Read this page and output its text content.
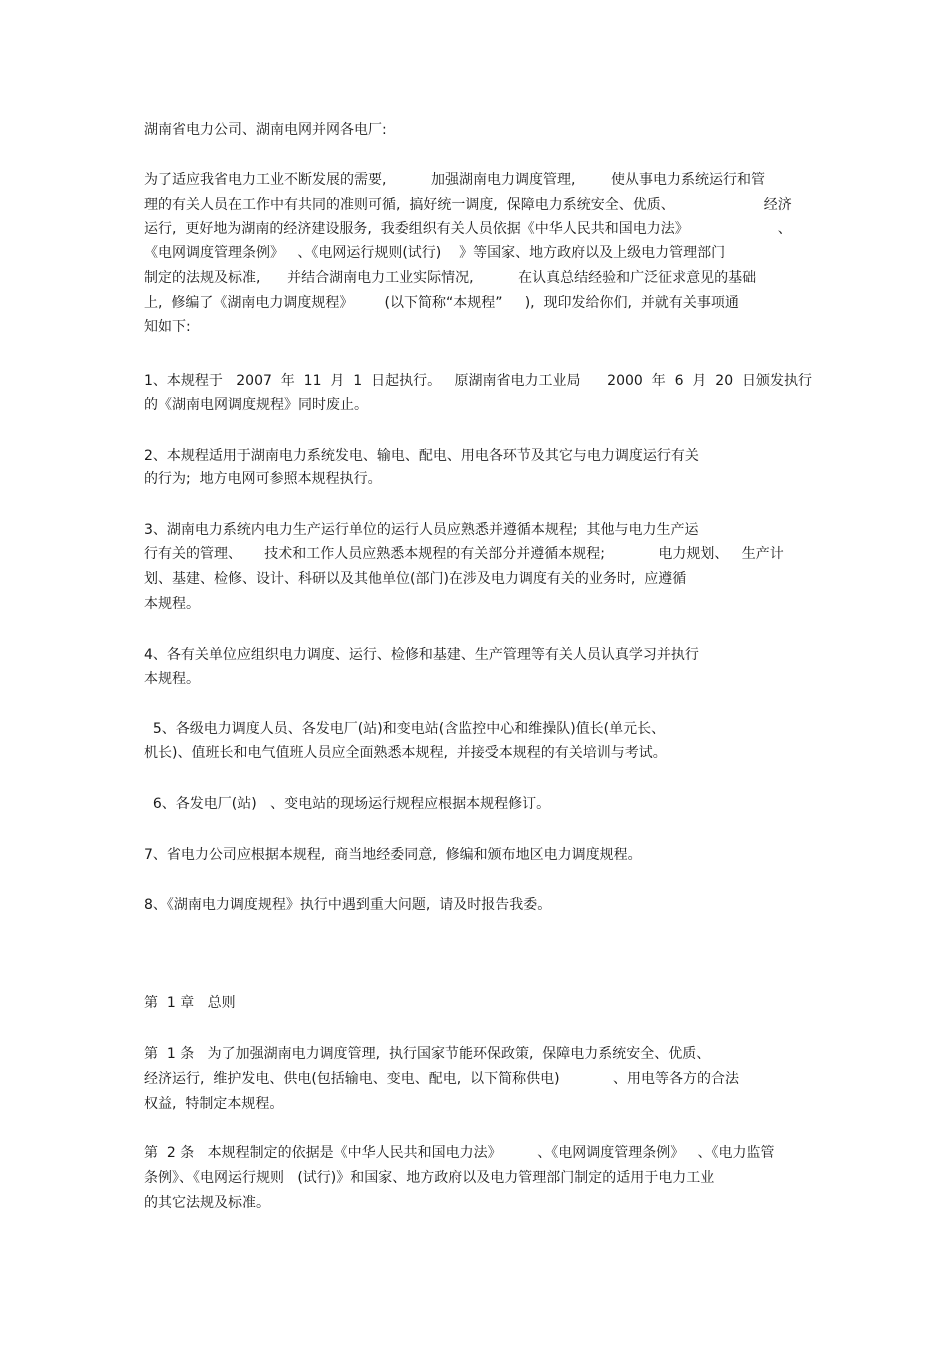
湖南省电力公司、湖南电网并网各电厂:
为了适应我省电力工业不断发展的需要,          加强湖南电力调度管理,        使从事电力系统运行和管
理的有关人员在工作中有共同的准则可循,  搞好统一调度,  保障电力系统安全、优质、                    经济
运行,  更好地为湖南的经济建设服务,  我委组织有关人员依据《中华人民共和国电力法》                    、
《电网调度管理条例》   、《电网运行规则(试行)    》等国家、地方政府以及上级电力管理部门
制定的法规及标准,      并结合湖南电力工业实际情况,          在认真总结经验和广泛征求意见的基础
上,  修编了《湖南电力调度规程》       (以下简称“本规程”     ),  现印发给你们,  并就有关事项通
知如下:
1、本规程于   2007  年  11  月  1  日起执行。   原湖南省电力工业局      2000  年  6  月  20  日颁发执行
的《湖南电网调度规程》同时废止。
2、本规程适用于湖南电力系统发电、输电、配电、用电各环节及其它与电力调度运行有关
的行为;  地方电网可参照本规程执行。
3、湖南电力系统内电力生产运行单位的运行人员应熟悉并遵循本规程;  其他与电力生产运
行有关的管理、     技术和工作人员应熟悉本规程的有关部分并遵循本规程;            电力规划、   生产计
划、基建、检修、设计、科研以及其他单位(部门)在涉及电力调度有关的业务时,  应遵循
本规程。
4、各有关单位应组织电力调度、运行、检修和基建、生产管理等有关人员认真学习并执行
本规程。
5、各级电力调度人员、各发电厂(站)和变电站(含监控中心和维操队)值长(单元长、
机长)、值班长和电气值班人员应全面熟悉本规程,  并接受本规程的有关培训与考试。
6、各发电厂(站)   、变电站的现场运行规程应根据本规程修订。
7、省电力公司应根据本规程,  商当地经委同意,  修编和颁布地区电力调度规程。
8、《湖南电力调度规程》执行中遇到重大问题,  请及时报告我委。
第  1 章   总则
第  1 条   为了加强湖南电力调度管理,  执行国家节能环保政策,  保障电力系统安全、优质、
经济运行,  维护发电、供电(包括输电、变电、配电,  以下简称供电)            、用电等各方的合法
权益,  特制定本规程。
第  2 条   本规程制定的依据是《中华人民共和国电力法》        、《电网调度管理条例》   、《电力监管
条例》、《电网运行规则   (试行)》和国家、地方政府以及电力管理部门制定的适用于电力工业
的其它法规及标准。
